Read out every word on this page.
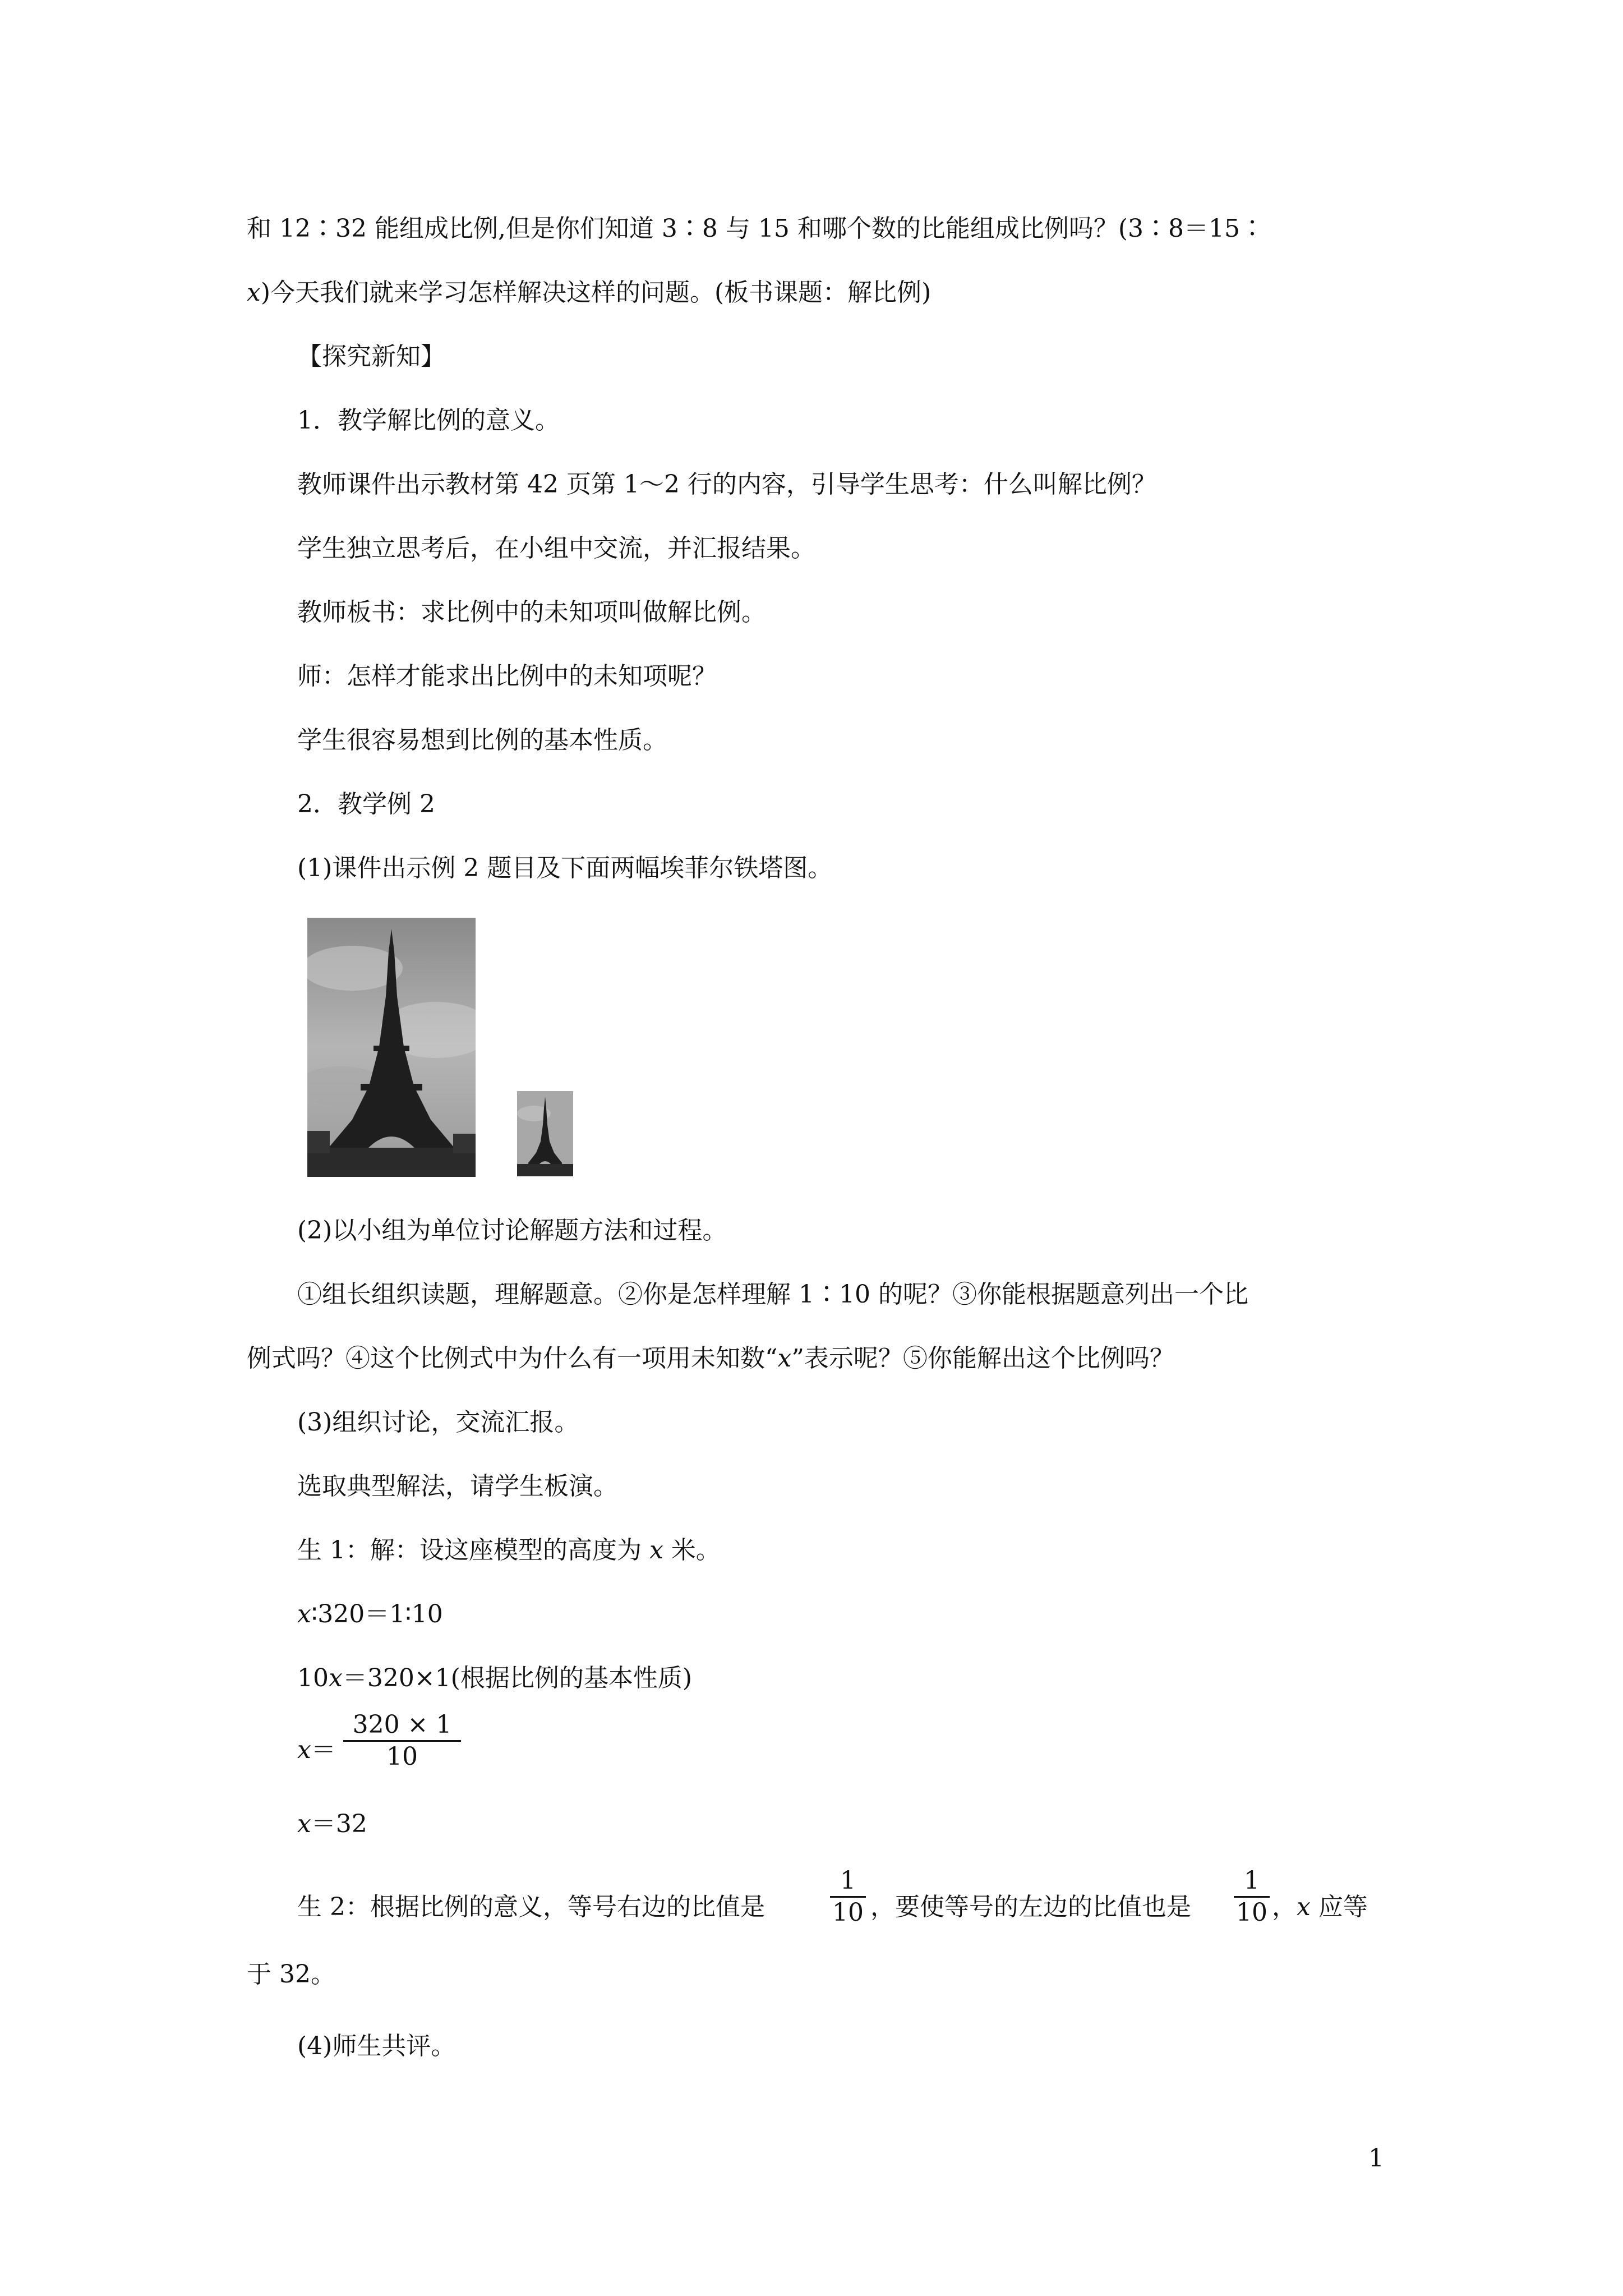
和 12∶32 能组成比例,但是你们知道 3∶8 与 15 和哪个数的比能组成比例吗？(3∶8＝15∶
x)今天我们就来学习怎样解决这样的问题。(板书课题：解比例)
【探究新知】
1．教学解比例的意义。
教师课件出示教材第 42 页第 1～2 行的内容，引导学生思考：什么叫解比例？
学生独立思考后，在小组中交流，并汇报结果。
教师板书：求比例中的未知项叫做解比例。
师：怎样才能求出比例中的未知项呢？
学生很容易想到比例的基本性质。
2．教学例 2
(1)课件出示例 2 题目及下面两幅埃菲尔铁塔图。
(2)以小组为单位讨论解题方法和过程。
①组长组织读题，理解题意。②你是怎样理解 1∶10 的呢？③你能根据题意列出一个比
例式吗？④这个比例式中为什么有一项用未知数“x”表示呢？⑤你能解出这个比例吗？
(3)组织讨论，交流汇报。
选取典型解法，请学生板演。
生 1：解：设这座模型的高度为 x 米。
x∶320＝1∶10
10x＝320×1(根据比例的基本性质)
$x= \frac{320 \times 1}{10}$
x＝32
生 2：根据比例的意义，等号右边的比值是	$\frac{1}{10}$ ，要使等号的左边的比值也是 $\frac{1}{10}$ ，x 应等
于 32。
(4)师生共评。
1
